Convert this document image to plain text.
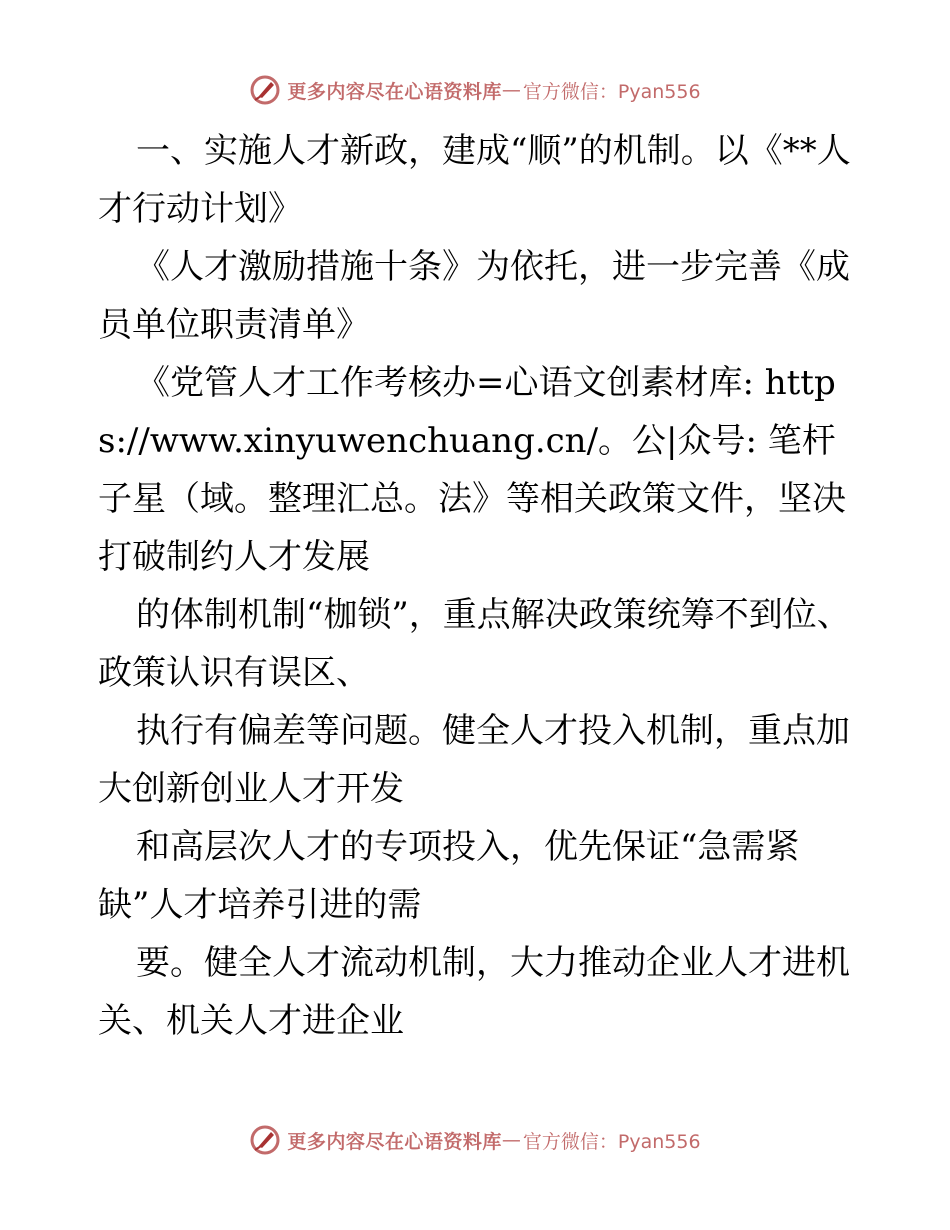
更多内容尽在心语资料库 — 官方微信：Pyan556

一、实施人才新政，建成“顺”的机制。以《**人才行动计划》

《人才激励措施十条》为依托，进一步完善《成员单位职责清单》

《党管人才工作考核办=心语文创素材库: https://www.xinyuwenchuang.cn/。公|众号: 笔杆子星（域。整理汇总。法》等相关政策文件，坚决打破制约人才发展

的体制机制“枷锁”，重点解决政策统筹不到位、政策认识有误区、

执行有偏差等问题。健全人才投入机制，重点加大创新创业人才开发

和高层次人才的专项投入，优先保证“急需紧缺”人才培养引进的需

要。健全人才流动机制，大力推动企业人才进机关、机关人才进企业

更多内容尽在心语资料库 — 官方微信：Pyan556
